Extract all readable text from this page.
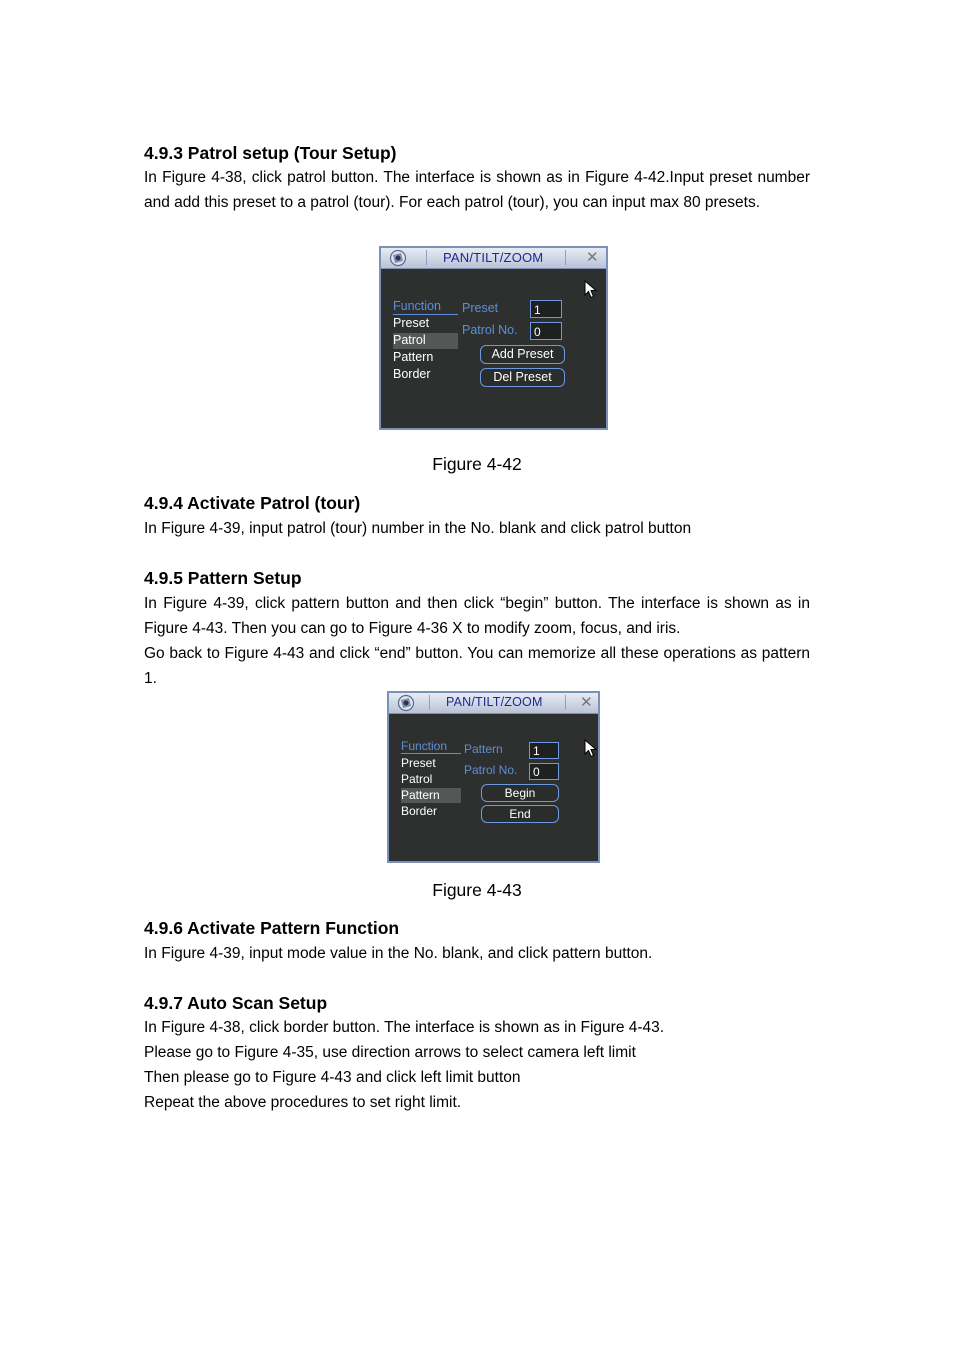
4.9.3 Patrol setup (Tour Setup)

In Figure 4-38, click patrol button. The interface is shown as in Figure 4-42.Input preset number and add this preset to a patrol (tour). For each patrol (tour), you can input max 80 presets.

PAN/TILT/ZOOM	✕
Function
Preset
Patrol
Pattern
Border
Preset	1
Patrol No.	0
Add Preset
Del Preset

Figure 4-42

4.9.4 Activate Patrol (tour)

In Figure 4-39, input patrol (tour) number in the No. blank and click patrol button

4.9.5 Pattern Setup

In Figure 4-39, click pattern button and then click “begin” button. The interface is shown as in Figure 4-43. Then you can go to Figure 4-36 X to modify zoom, focus, and iris.

Go back to Figure 4-43 and click “end” button. You can memorize all these operations as pattern 1.

PAN/TILT/ZOOM ✕
Function
Preset
Patrol
Pattern
Border
Pattern	1
Patrol No.	0
Begin
End

Figure 4-43

4.9.6 Activate Pattern Function

In Figure 4-39, input mode value in the No. blank, and click pattern button.

4.9.7 Auto Scan Setup
In Figure 4-38, click border button. The interface is shown as in Figure 4-43.
Please go to Figure 4-35, use direction arrows to select camera left limit
Then please go to Figure 4-43 and click left limit button
Repeat the above procedures to set right limit.
